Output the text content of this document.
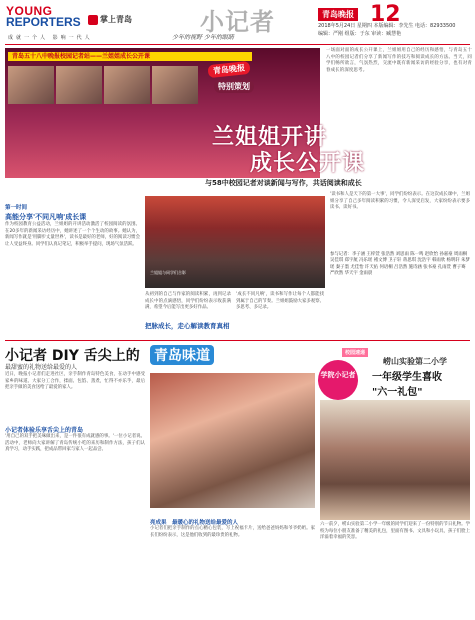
YOUNG
REPORTERS
成就一个人 影响一代人
掌上青岛	小记者
少年的视野 少年的眼睛
青岛晚报 12
2018年5月24日 星期四 本版编辑：李先生 电话：82933500
编辑：严刚 组版：于东 审读：臧慧艳
青岛五十八中晚报校园记者站——兰姐姐成长公开课
青岛晚报
特别策划
兰姐姐开讲
成长公开课
与58中校园记者对谈新闻与写作，共话阅读和成长
一场面对面的成长公开课上，兰姐姐用自己的经历和感悟，与青岛五十八中的校园记者们分享了新闻写作的技巧和阅读成长的方法。当天，同学们畅所欲言，气氛热烈，交流中既有新闻采访的经验分享，也有对青春成长的深度思考。
第一时间
高能分享'不同凡响'成长课
作为校园教育公益活动，兰姐姐的开讲活动激活了校园阅读的氛围。在20多年的新闻采访经历中，她讲述了一个个生动的故事。她认为，新闻写作就是'用脚步丈量世界'，读书是最好的老师，好的阅读习惯会让人受益终身。同学们认真记笔记，积极举手提问，现场气氛活跃。
兰姐姐与同学们合影
从初到的自己与作家的阅读积累，再到记录成长中的点滴感悟，同学们纷纷表示收获满满，希望今后能写出更多好作品。
'成长不同凡响'，读书和写作让每个人都能找到属于自己的节奏。兰姐姐鼓励大家多观察、多思考、多记录。
把脉成长，走心解读教育真相
'读书和人是天下的第一大事'，同学们纷纷表示。在这次成长课中，兰姐姐分享了自己多年阅读积累的习惯，令人深受启发，大家纷纷表示要多读书、读好书。
参与记者：李子涵 王梓萱 张浩然 刘思雨 陈一鸣 赵欣怡 孙嘉豪 周雨桐 吴佳琪 郑宇航 冯乐瑶 褚文博 卫子轩 蒋思琪 沈浩宇 韩雨欣 杨明轩 朱梦瑶 秦子墨 尤佳怡 许天佑 何语桐 吕浩然 施诗涵 张书豪 孔雨萱 曹子骞 严欣然 华天宇 金雨晨
小记者 DIY 舌尖上的 青岛味道
最甜蜜的礼物送给最爱的人
近日，晚报小记者们走进社区，亲手制作青岛特色美食，在动手中感受家乡的味道。大家分工合作，揉面、包馅、蒸煮，忙得不亦乐乎，最后把亲手做的美食送给了最爱的家人。
小记者体验乐享舌尖上的青岛
'用自己的双手把美味做出来，是一件很有成就感的事。'一位小记者说。活动中，老师向大家讲解了青岛传统小吃的来历和制作方法，孩子们认真学习，动手实践，把成品带回家与家人一起品尝。
亮成果　最暖心的礼物送给最爱的人
小记者们把亲手制作的点心精心包装，写上祝福卡片，送给爸爸妈妈和爷爷奶奶。家长们纷纷表示，这是他们收到的最珍贵的礼物。
学院小记者
校园速递
崂山实验第二小学
一年级学生喜收
"六一礼包"
六一前夕，崂山实验第二小学一年级的同学们迎来了一份特别的节日礼物。学校为每位小朋友准备了精美的礼包，里面有图书、文具和小玩具，孩子们脸上洋溢着幸福的笑容。
